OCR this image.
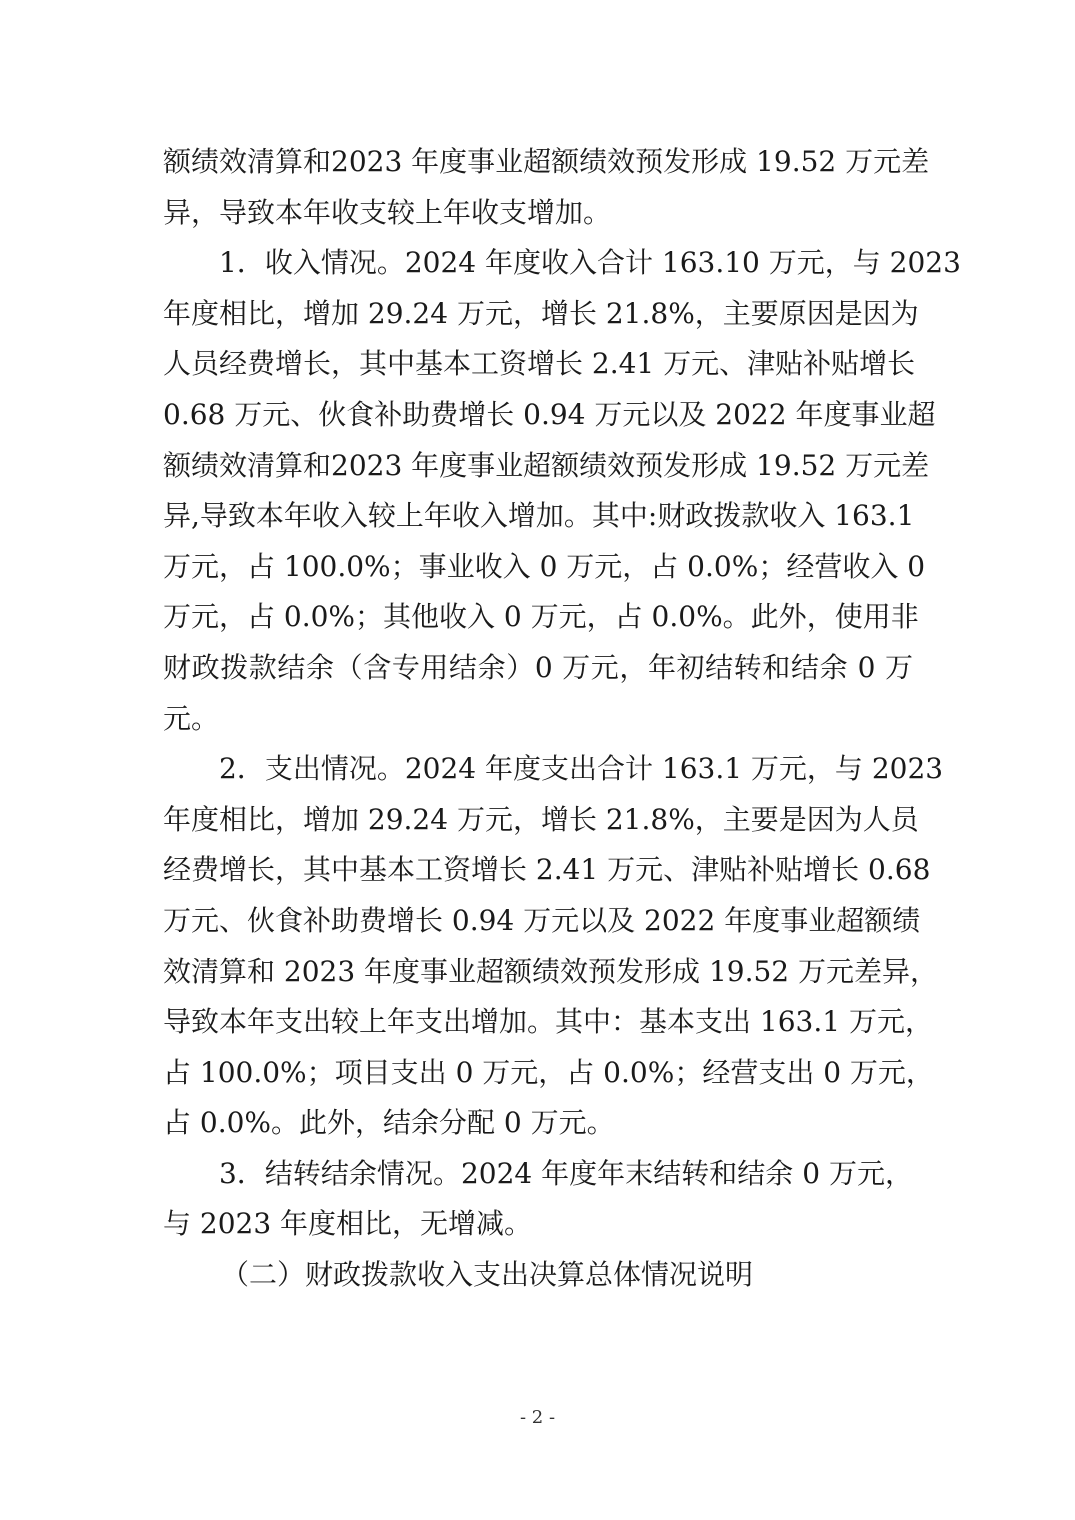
额绩效清算和2023 年度事业超额绩效预发形成 19.52 万元差
异，导致本年收支较上年收支增加。
1．收入情况。2024 年度收入合计 163.10 万元，与 2023
年度相比，增加 29.24 万元，增长 21.8%，主要原因是因为
人员经费增长，其中基本工资增长 2.41 万元、津贴补贴增长
0.68 万元、伙食补助费增长 0.94 万元以及 2022 年度事业超
额绩效清算和2023 年度事业超额绩效预发形成 19.52 万元差
异,导致本年收入较上年收入增加。其中:财政拨款收入 163.1
万元，占 100.0%；事业收入 0 万元，占 0.0%；经营收入 0
万元，占 0.0%；其他收入 0 万元，占 0.0%。此外，使用非
财政拨款结余（含专用结余）0 万元，年初结转和结余 0 万
元。
2．支出情况。2024 年度支出合计 163.1 万元，与 2023
年度相比，增加 29.24 万元，增长 21.8%，主要是因为人员
经费增长，其中基本工资增长 2.41 万元、津贴补贴增长 0.68
万元、伙食补助费增长 0.94 万元以及 2022 年度事业超额绩
效清算和 2023 年度事业超额绩效预发形成 19.52 万元差异，
导致本年支出较上年支出增加。其中：基本支出 163.1 万元，
占 100.0%；项目支出 0 万元，占 0.0%；经营支出 0 万元，
占 0.0%。此外，结余分配 0 万元。
3．结转结余情况。2024 年度年末结转和结余 0 万元，
与 2023 年度相比，无增减。
（二）财政拨款收入支出决算总体情况说明
- 2 -
